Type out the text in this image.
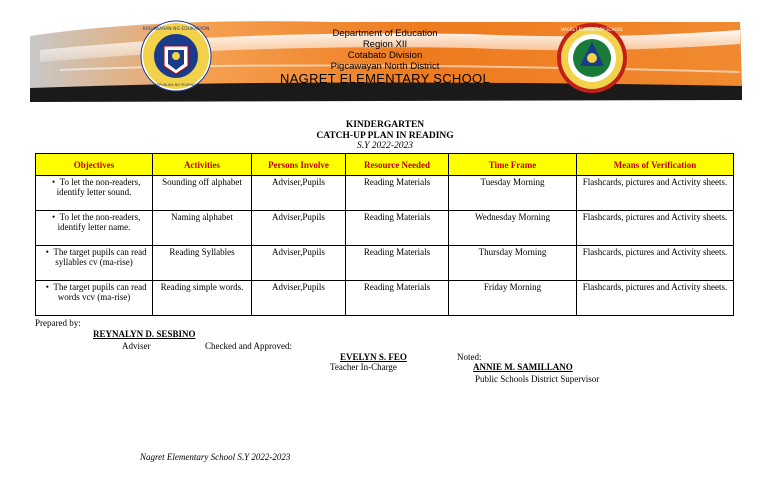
KAGAWARAN NG EDUKASYON
REPUBLIKA NG PILIPINAS
NAGRET ELEMENTARY SCHOOL
Department of Education
Region XII
Cotabato Division
Pigcawayan North District
NAGRET ELEMENTARY SCHOOL
New Igbaras, Pigcawayan, Cotabato
KINDERGARTEN
CATCH-UP PLAN IN READING
S.Y 2022-2023
Objectives	Activities	Persons Involve	Resource Needed	Time Frame	Means of Verification
• To let the non-readers, identify letter sound.	Sounding off alphabet	Adviser,Pupils	Reading Materials	Tuesday Morning	Flashcards, pictures and Activity sheets.
• To let the non-readers, identify letter name.	Naming alphabet	Adviser,Pupils	Reading Materials	Wednesday Morning	Flashcards, pictures and Activity sheets.
• The target pupils can read syllables cv (ma-rise)	Reading Syllables	Adviser,Pupils	Reading Materials	Thursday Morning	Flashcards, pictures and Activity sheets.
• The target pupils can read words vcv (ma-rise)	Reading simple words.	Adviser,Pupils	Reading Materials	Friday Morning	Flashcards, pictures and Activity sheets.
Prepared by:
REYNALYN D. SESBINO
Adviser	Checked and Approved:
EVELYN S. FEO
Teacher In-Charge
Noted:
ANNIE M. SAMILLANO
Public Schools District Supervisor
Nagret Elementary School S.Y 2022-2023
